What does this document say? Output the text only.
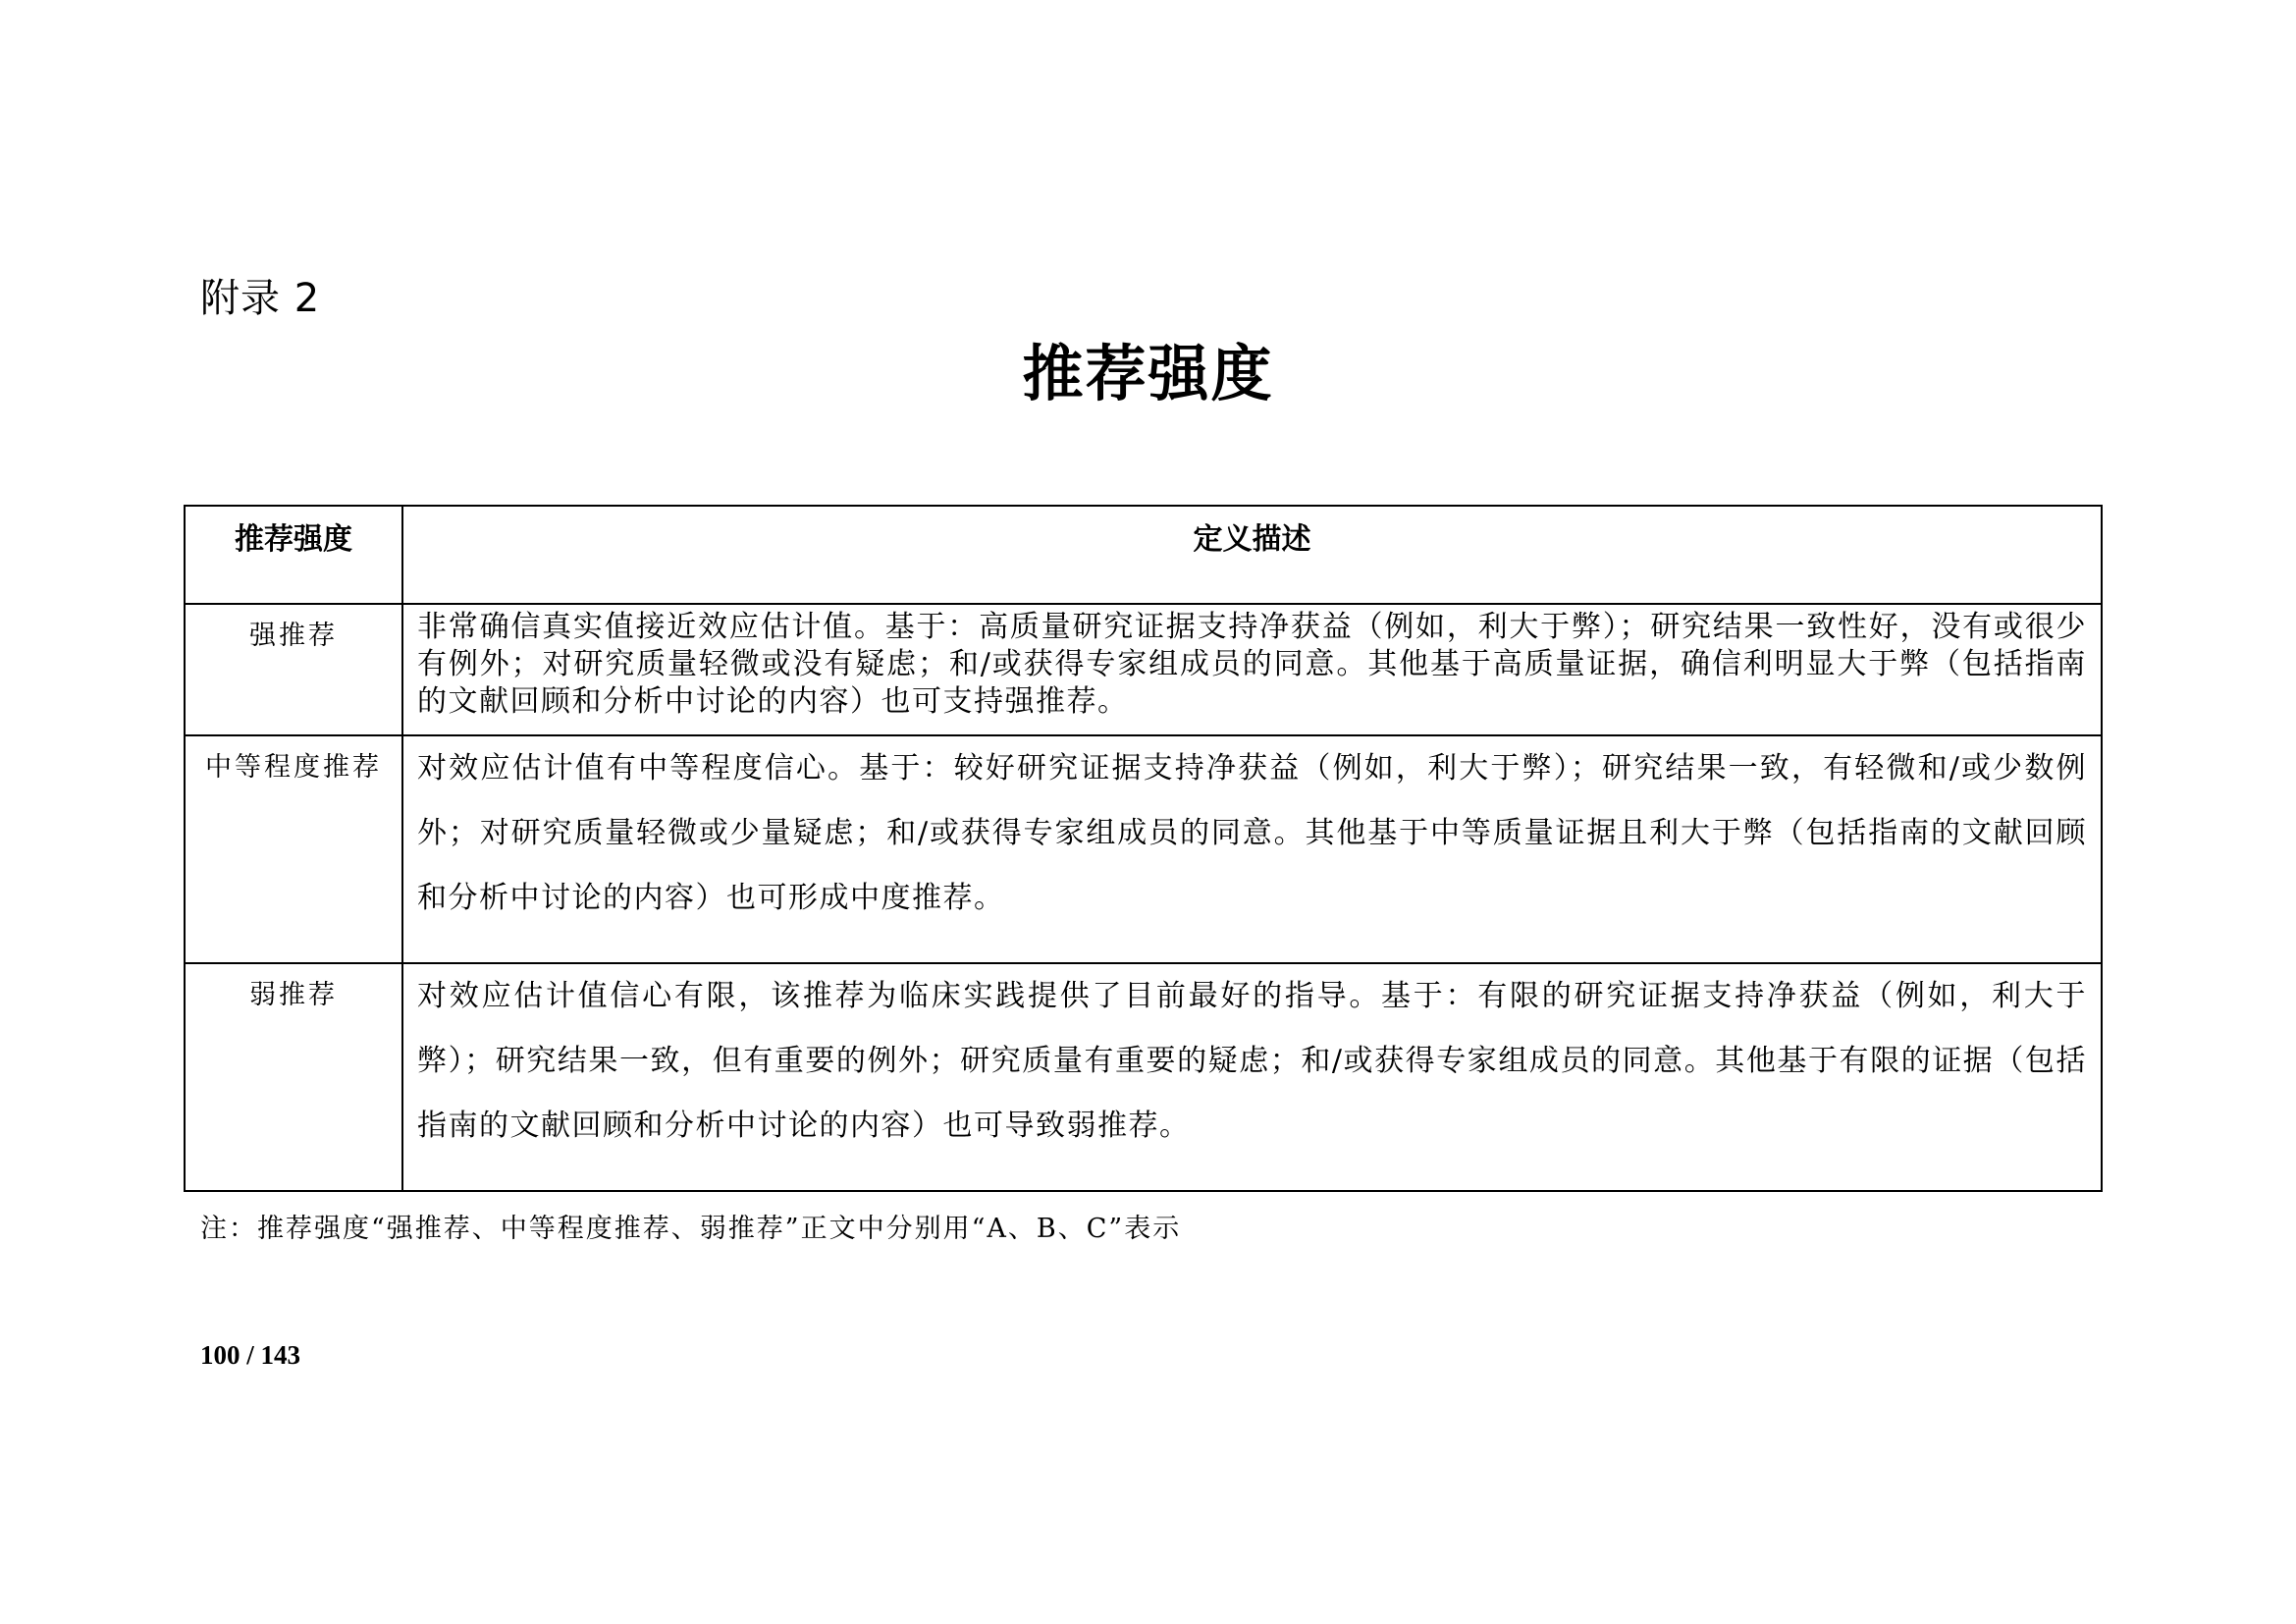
附录 2
推荐强度
推荐强度	定义描述
强推荐	非常确信真实值接近效应估计值。基于：高质量研究证据支持净获益（例如，利大于弊）；研究结果一致性好，没有或很少有例外；对研究质量轻微或没有疑虑；和/或获得专家组成员的同意。其他基于高质量证据，确信利明显大于弊（包括指南的文献回顾和分析中讨论的内容）也可支持强推荐。
中等程度推荐	对效应估计值有中等程度信心。基于：较好研究证据支持净获益（例如，利大于弊）；研究结果一致，有轻微和/或少数例外；对研究质量轻微或少量疑虑；和/或获得专家组成员的同意。其他基于中等质量证据且利大于弊（包括指南的文献回顾和分析中讨论的内容）也可形成中度推荐。
弱推荐	对效应估计值信心有限，该推荐为临床实践提供了目前最好的指导。基于：有限的研究证据支持净获益（例如，利大于弊）；研究结果一致，但有重要的例外；研究质量有重要的疑虑；和/或获得专家组成员的同意。其他基于有限的证据（包括指南的文献回顾和分析中讨论的内容）也可导致弱推荐。
注：推荐强度“强推荐、中等程度推荐、弱推荐”正文中分别用“A、B、C”表示
100 / 143
